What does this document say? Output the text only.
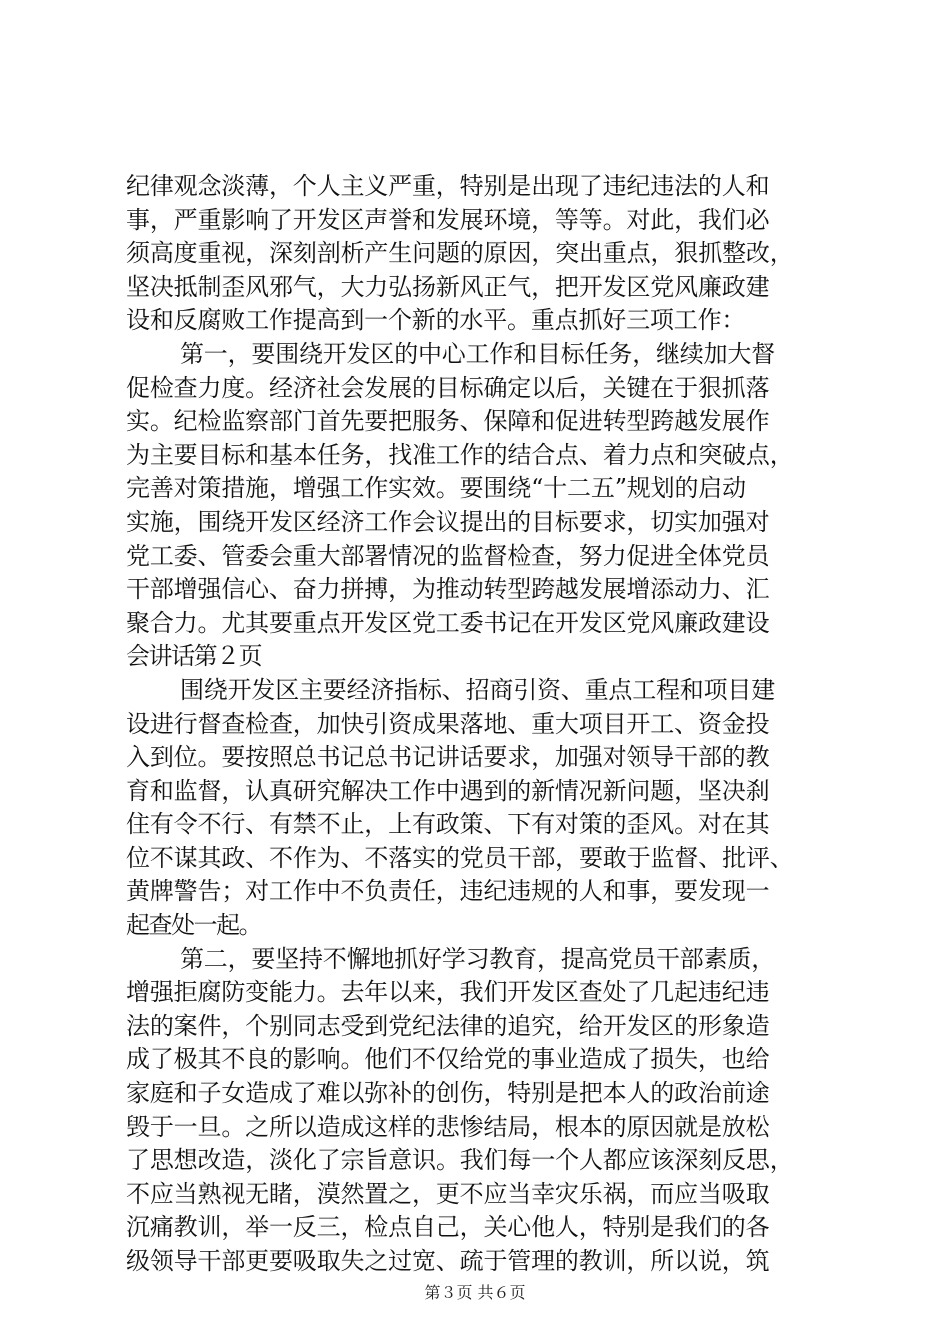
纪律观念淡薄，个人主义严重，特别是出现了违纪违法的人和
事，严重影响了开发区声誉和发展环境，等等。对此，我们必
须高度重视，深刻剖析产生问题的原因，突出重点，狠抓整改，
坚决抵制歪风邪气，大力弘扬新风正气，把开发区党风廉政建
设和反腐败工作提高到一个新的水平。重点抓好三项工作：
第一，要围绕开发区的中心工作和目标任务，继续加大督
促检查力度。经济社会发展的目标确定以后，关键在于狠抓落
实。纪检监察部门首先要把服务、保障和促进转型跨越发展作
为主要目标和基本任务，找准工作的结合点、着力点和突破点，
完善对策措施，增强工作实效。要围绕“十二五”规划的启动
实施，围绕开发区经济工作会议提出的目标要求，切实加强对
党工委、管委会重大部署情况的监督检查，努力促进全体党员
干部增强信心、奋力拼搏，为推动转型跨越发展增添动力、汇
聚合力。尤其要重点开发区党工委书记在开发区党风廉政建设
会讲话第２页
围绕开发区主要经济指标、招商引资、重点工程和项目建
设进行督查检查，加快引资成果落地、重大项目开工、资金投
入到位。要按照总书记总书记讲话要求，加强对领导干部的教
育和监督，认真研究解决工作中遇到的新情况新问题，坚决刹
住有令不行、有禁不止，上有政策、下有对策的歪风。对在其
位不谋其政、不作为、不落实的党员干部，要敢于监督、批评、
黄牌警告；对工作中不负责任，违纪违规的人和事，要发现一
起查处一起。
第二，要坚持不懈地抓好学习教育，提高党员干部素质，
增强拒腐防变能力。去年以来，我们开发区查处了几起违纪违
法的案件，个别同志受到党纪法律的追究，给开发区的形象造
成了极其不良的影响。他们不仅给党的事业造成了损失，也给
家庭和子女造成了难以弥补的创伤，特别是把本人的政治前途
毁于一旦。之所以造成这样的悲惨结局，根本的原因就是放松
了思想改造，淡化了宗旨意识。我们每一个人都应该深刻反思，
不应当熟视无睹，漠然置之，更不应当幸灾乐祸，而应当吸取
沉痛教训，举一反三，检点自己，关心他人，特别是我们的各
级领导干部更要吸取失之过宽、疏于管理的教训，所以说，筑
第３页 共６页
